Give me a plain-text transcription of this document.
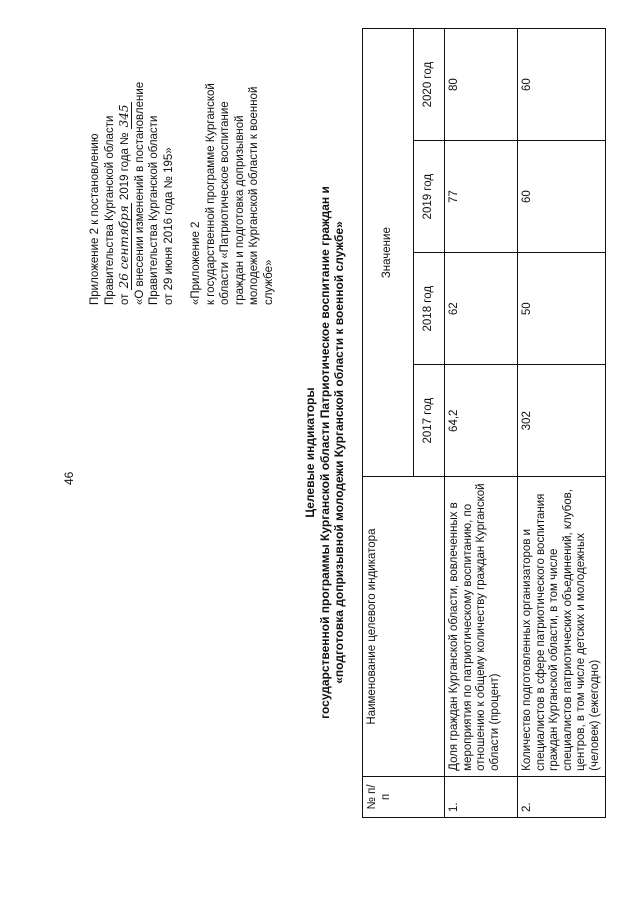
46
Приложение 2 к постановлению Правительства Курганской области
от 26 сентября 2019 года № 345 «О внесении изменений в постановление Правительства Курганской области от 29 июня 2016 года № 195» «Приложение 2 к государственной программе Курганской области «Патриотическое воспитание граждан и подготовка допризывной молодежи Курганской области к военной службе»
Целевые индикаторы государственной программы Курганской области Патриотическое воспитание граждан и «подготовка допризывной молодежи Курганской области к военной службе»
№ п/п	Наименование целевого индикатора	Значение			
		2017 год	2018 год	2019 год	2020 год
1.	Доля граждан Курганской области, вовлеченных в мероприятия по патриотическому воспитанию, по отношению к общему количеству граждан Курганской области (процент)	64,2	62	77	80
2.	Количество подготовленных организаторов и специалистов в сфере патриотического воспитания граждан Курганской области, в том числе специалистов патриотических объединений, клубов, центров, в том числе детских и молодежных (человек) (ежегодно)	302	50	60	60
